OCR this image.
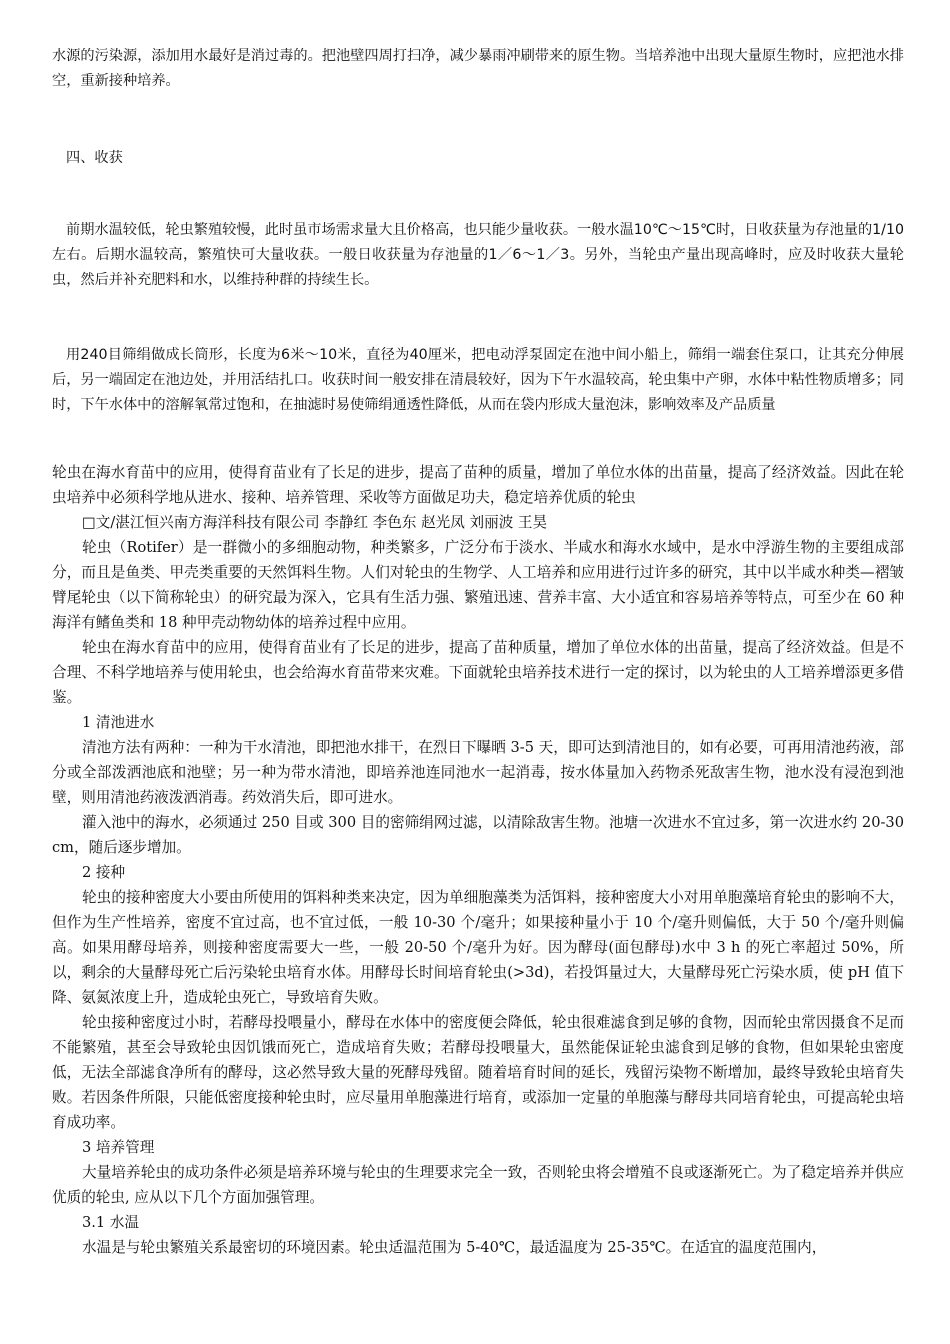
水源的污染源，添加用水最好是消过毒的。把池壁四周打扫净，减少暴雨冲刷带来的原生物。当培养池中出现大量原生物时，应把池水排空，重新接种培养。

四、收获

前期水温较低，轮虫繁殖较慢，此时虽市场需求量大且价格高，也只能少量收获。一般水温10℃～15℃时，日收获量为存池量的1/10左右。后期水温较高，繁殖快可大量收获。一般日收获量为存池量的1／6～1／3。另外，当轮虫产量出现高峰时，应及时收获大量轮虫，然后并补充肥料和水，以维持种群的持续生长。

用240目筛绢做成长筒形，长度为6米～10米，直径为40厘米，把电动浮泵固定在池中间小船上，筛绢一端套住泵口，让其充分伸展后，另一端固定在池边处，并用活结扎口。收获时间一般安排在清晨较好，因为下午水温较高，轮虫集中产卵，水体中粘性物质增多；同时，下午水体中的溶解氧常过饱和，在抽滤时易使筛绢通透性降低，从而在袋内形成大量泡沫，影响效率及产品质量

轮虫在海水育苗中的应用，使得育苗业有了长足的进步，提高了苗种的质量，增加了单位水体的出苗量，提高了经济效益。因此在轮虫培养中必须科学地从进水、接种、培养管理、采收等方面做足功夫，稳定培养优质的轮虫

□文/湛江恒兴南方海洋科技有限公司 李静红 李色东 赵光凤 刘丽波 王昊

轮虫（Rotifer）是一群微小的多细胞动物，种类繁多，广泛分布于淡水、半咸水和海水水域中，是水中浮游生物的主要组成部分，而且是鱼类、甲壳类重要的天然饵料生物。人们对轮虫的生物学、人工培养和应用进行过许多的研究，其中以半咸水种类—褶皱臂尾轮虫（以下简称轮虫）的研究最为深入，它具有生活力强、繁殖迅速、营养丰富、大小适宜和容易培养等特点，可至少在 60 种海洋有鳍鱼类和 18 种甲壳动物幼体的培养过程中应用。

轮虫在海水育苗中的应用，使得育苗业有了长足的进步，提高了苗种质量，增加了单位水体的出苗量，提高了经济效益。但是不合理、不科学地培养与使用轮虫，也会给海水育苗带来灾难。下面就轮虫培养技术进行一定的探讨，以为轮虫的人工培养增添更多借鉴。

1 清池进水

清池方法有两种：一种为干水清池，即把池水排干，在烈日下曝晒 3-5 天，即可达到清池目的，如有必要，可再用清池药液，部分或全部泼洒池底和池壁；另一种为带水清池，即培养池连同池水一起消毒，按水体量加入药物杀死敌害生物，池水没有浸泡到池壁，则用清池药液泼洒消毒。药效消失后，即可进水。

灌入池中的海水，必须通过 250 目或 300 目的密筛绢网过滤，以清除敌害生物。池塘一次进水不宜过多，第一次进水约 20-30 cm，随后逐步增加。

2 接种

轮虫的接种密度大小要由所使用的饵料种类来决定，因为单细胞藻类为活饵料，接种密度大小对用单胞藻培育轮虫的影响不大，但作为生产性培养，密度不宜过高，也不宜过低，一般 10-30 个/毫升；如果接种量小于 10 个/毫升则偏低，大于 50 个/毫升则偏高。如果用酵母培养，则接种密度需要大一些，一般 20-50 个/毫升为好。因为酵母(面包酵母)水中 3 h 的死亡率超过 50%，所以，剩余的大量酵母死亡后污染轮虫培育水体。用酵母长时间培育轮虫(>3d)，若投饵量过大，大量酵母死亡污染水质，使 pH 值下降、氨氮浓度上升，造成轮虫死亡，导致培育失败。

轮虫接种密度过小时，若酵母投喂量小，酵母在水体中的密度便会降低，轮虫很难滤食到足够的食物，因而轮虫常因摄食不足而不能繁殖，甚至会导致轮虫因饥饿而死亡，造成培育失败；若酵母投喂量大，虽然能保证轮虫滤食到足够的食物，但如果轮虫密度低，无法全部滤食净所有的酵母，这必然导致大量的死酵母残留。随着培育时间的延长，残留污染物不断增加，最终导致轮虫培育失败。若因条件所限，只能低密度接种轮虫时，应尽量用单胞藻进行培育，或添加一定量的单胞藻与酵母共同培育轮虫，可提高轮虫培育成功率。

3 培养管理

大量培养轮虫的成功条件必须是培养环境与轮虫的生理要求完全一致，否则轮虫将会增殖不良或逐渐死亡。为了稳定培养并供应优质的轮虫, 应从以下几个方面加强管理。

3.1 水温

水温是与轮虫繁殖关系最密切的环境因素。轮虫适温范围为 5-40℃，最适温度为 25-35℃。在适宜的温度范围内，
